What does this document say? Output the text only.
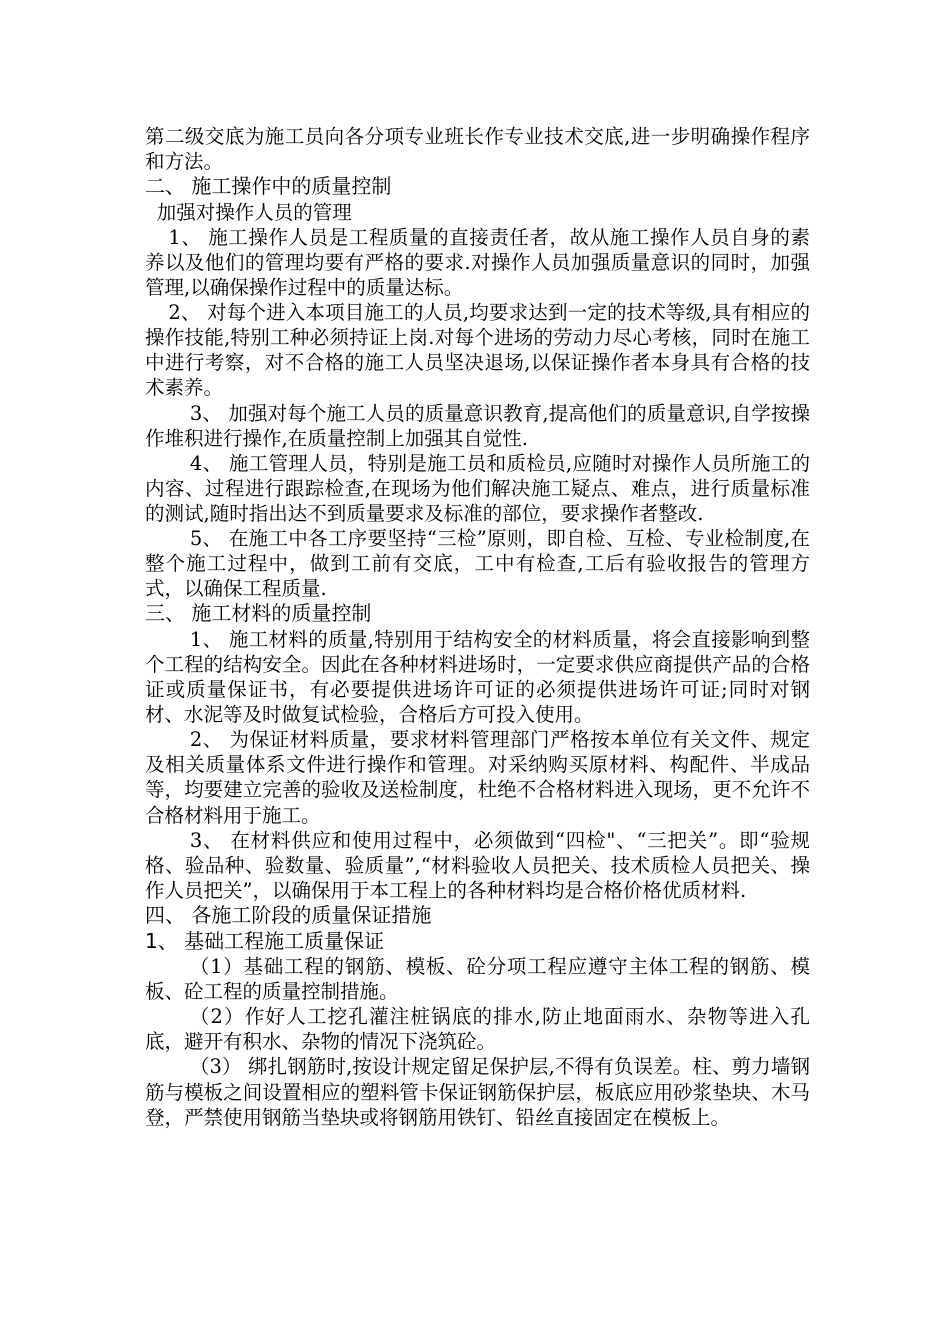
第二级交底为施工员向各分项专业班长作专业技术交底,进一步明确操作程序和方法。

二、 施工操作中的质量控制

加强对操作人员的管理

1、 施工操作人员是工程质量的直接责任者，故从施工操作人员自身的素养以及他们的管理均要有严格的要求.对操作人员加强质量意识的同时，加强管理,以确保操作过程中的质量达标。

2、 对每个进入本项目施工的人员,均要求达到一定的技术等级,具有相应的操作技能,特别工种必须持证上岗.对每个进场的劳动力尽心考核，同时在施工中进行考察，对不合格的施工人员坚决退场,以保证操作者本身具有合格的技术素养。

3、 加强对每个施工人员的质量意识教育,提高他们的质量意识,自学按操作堆积进行操作,在质量控制上加强其自觉性.

4、 施工管理人员，特别是施工员和质检员,应随时对操作人员所施工的内容、过程进行跟踪检查,在现场为他们解决施工疑点、难点，进行质量标准的测试,随时指出达不到质量要求及标准的部位，要求操作者整改.

5、 在施工中各工序要坚持“三检”原则，即自检、互检、专业检制度,在整个施工过程中，做到工前有交底，工中有检查,工后有验收报告的管理方式，以确保工程质量.

三、 施工材料的质量控制

1、 施工材料的质量,特别用于结构安全的材料质量，将会直接影响到整个工程的结构安全。因此在各种材料进场时，一定要求供应商提供产品的合格证或质量保证书，有必要提供进场许可证的必须提供进场许可证;同时对钢材、水泥等及时做复试检验，合格后方可投入使用。

2、 为保证材料质量，要求材料管理部门严格按本单位有关文件、规定及相关质量体系文件进行操作和管理。对采纳购买原材料、构配件、半成品等，均要建立完善的验收及送检制度，杜绝不合格材料进入现场，更不允许不合格材料用于施工。

3、 在材料供应和使用过程中，必须做到“四检"、“三把关”。即“验规格、验品种、验数量、验质量”,“材料验收人员把关、技术质检人员把关、操作人员把关”，以确保用于本工程上的各种材料均是合格价格优质材料.

四、 各施工阶段的质量保证措施

1、 基础工程施工质量保证

（1）基础工程的钢筋、模板、砼分项工程应遵守主体工程的钢筋、模板、砼工程的质量控制措施。

（2）作好人工挖孔灌注桩锅底的排水,防止地面雨水、杂物等进入孔底，避开有积水、杂物的情况下浇筑砼。

（3） 绑扎钢筋时,按设计规定留足保护层,不得有负误差。柱、剪力墙钢筋与模板之间设置相应的塑料管卡保证钢筋保护层，板底应用砂浆垫块、木马登，严禁使用钢筋当垫块或将钢筋用铁钉、铅丝直接固定在模板上。
